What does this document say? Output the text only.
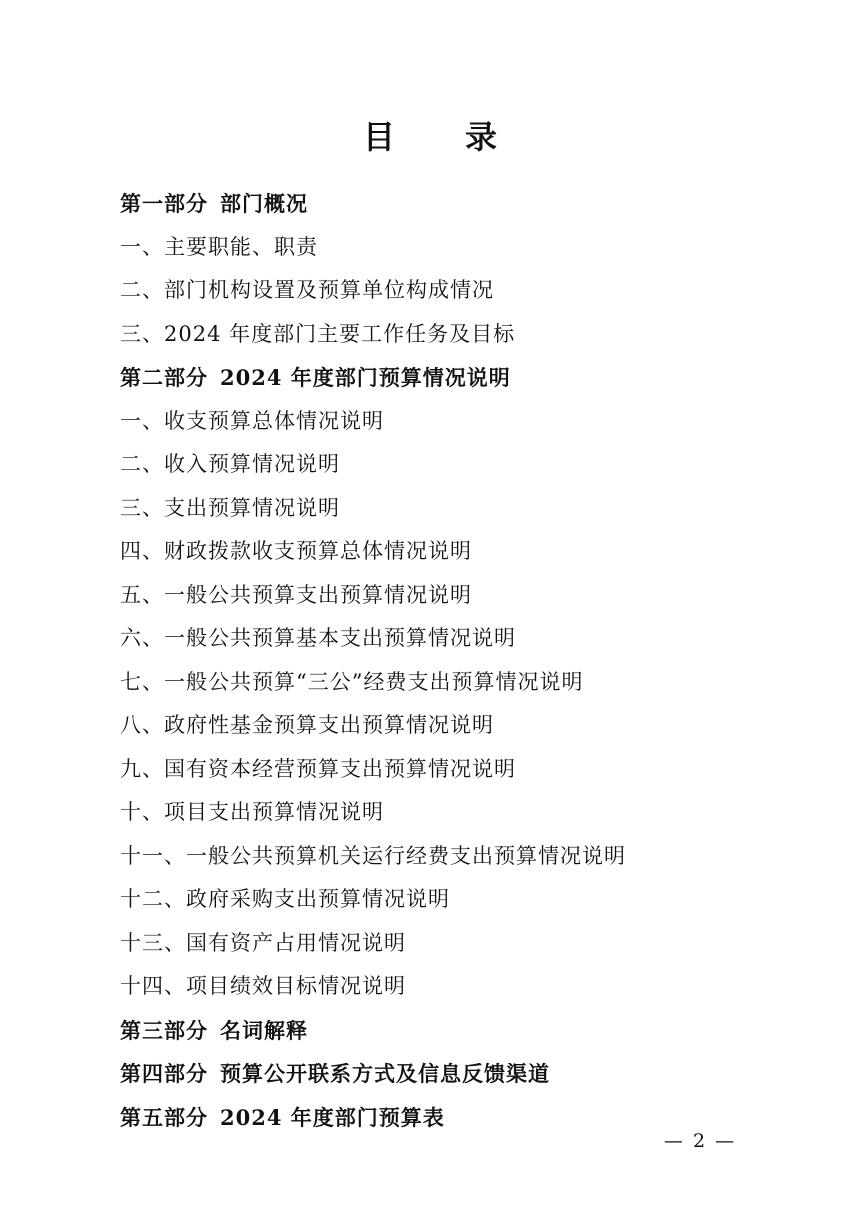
目 录
第一部分 部门概况
一、主要职能、职责
二、部门机构设置及预算单位构成情况
三、2024 年度部门主要工作任务及目标
第二部分 2024 年度部门预算情况说明
一、收支预算总体情况说明
二、收入预算情况说明
三、支出预算情况说明
四、财政拨款收支预算总体情况说明
五、一般公共预算支出预算情况说明
六、一般公共预算基本支出预算情况说明
七、一般公共预算“三公”经费支出预算情况说明
八、政府性基金预算支出预算情况说明
九、国有资本经营预算支出预算情况说明
十、项目支出预算情况说明
十一、一般公共预算机关运行经费支出预算情况说明
十二、政府采购支出预算情况说明
十三、国有资产占用情况说明
十四、项目绩效目标情况说明
第三部分 名词解释
第四部分 预算公开联系方式及信息反馈渠道
第五部分 2024 年度部门预算表
— 2 —
